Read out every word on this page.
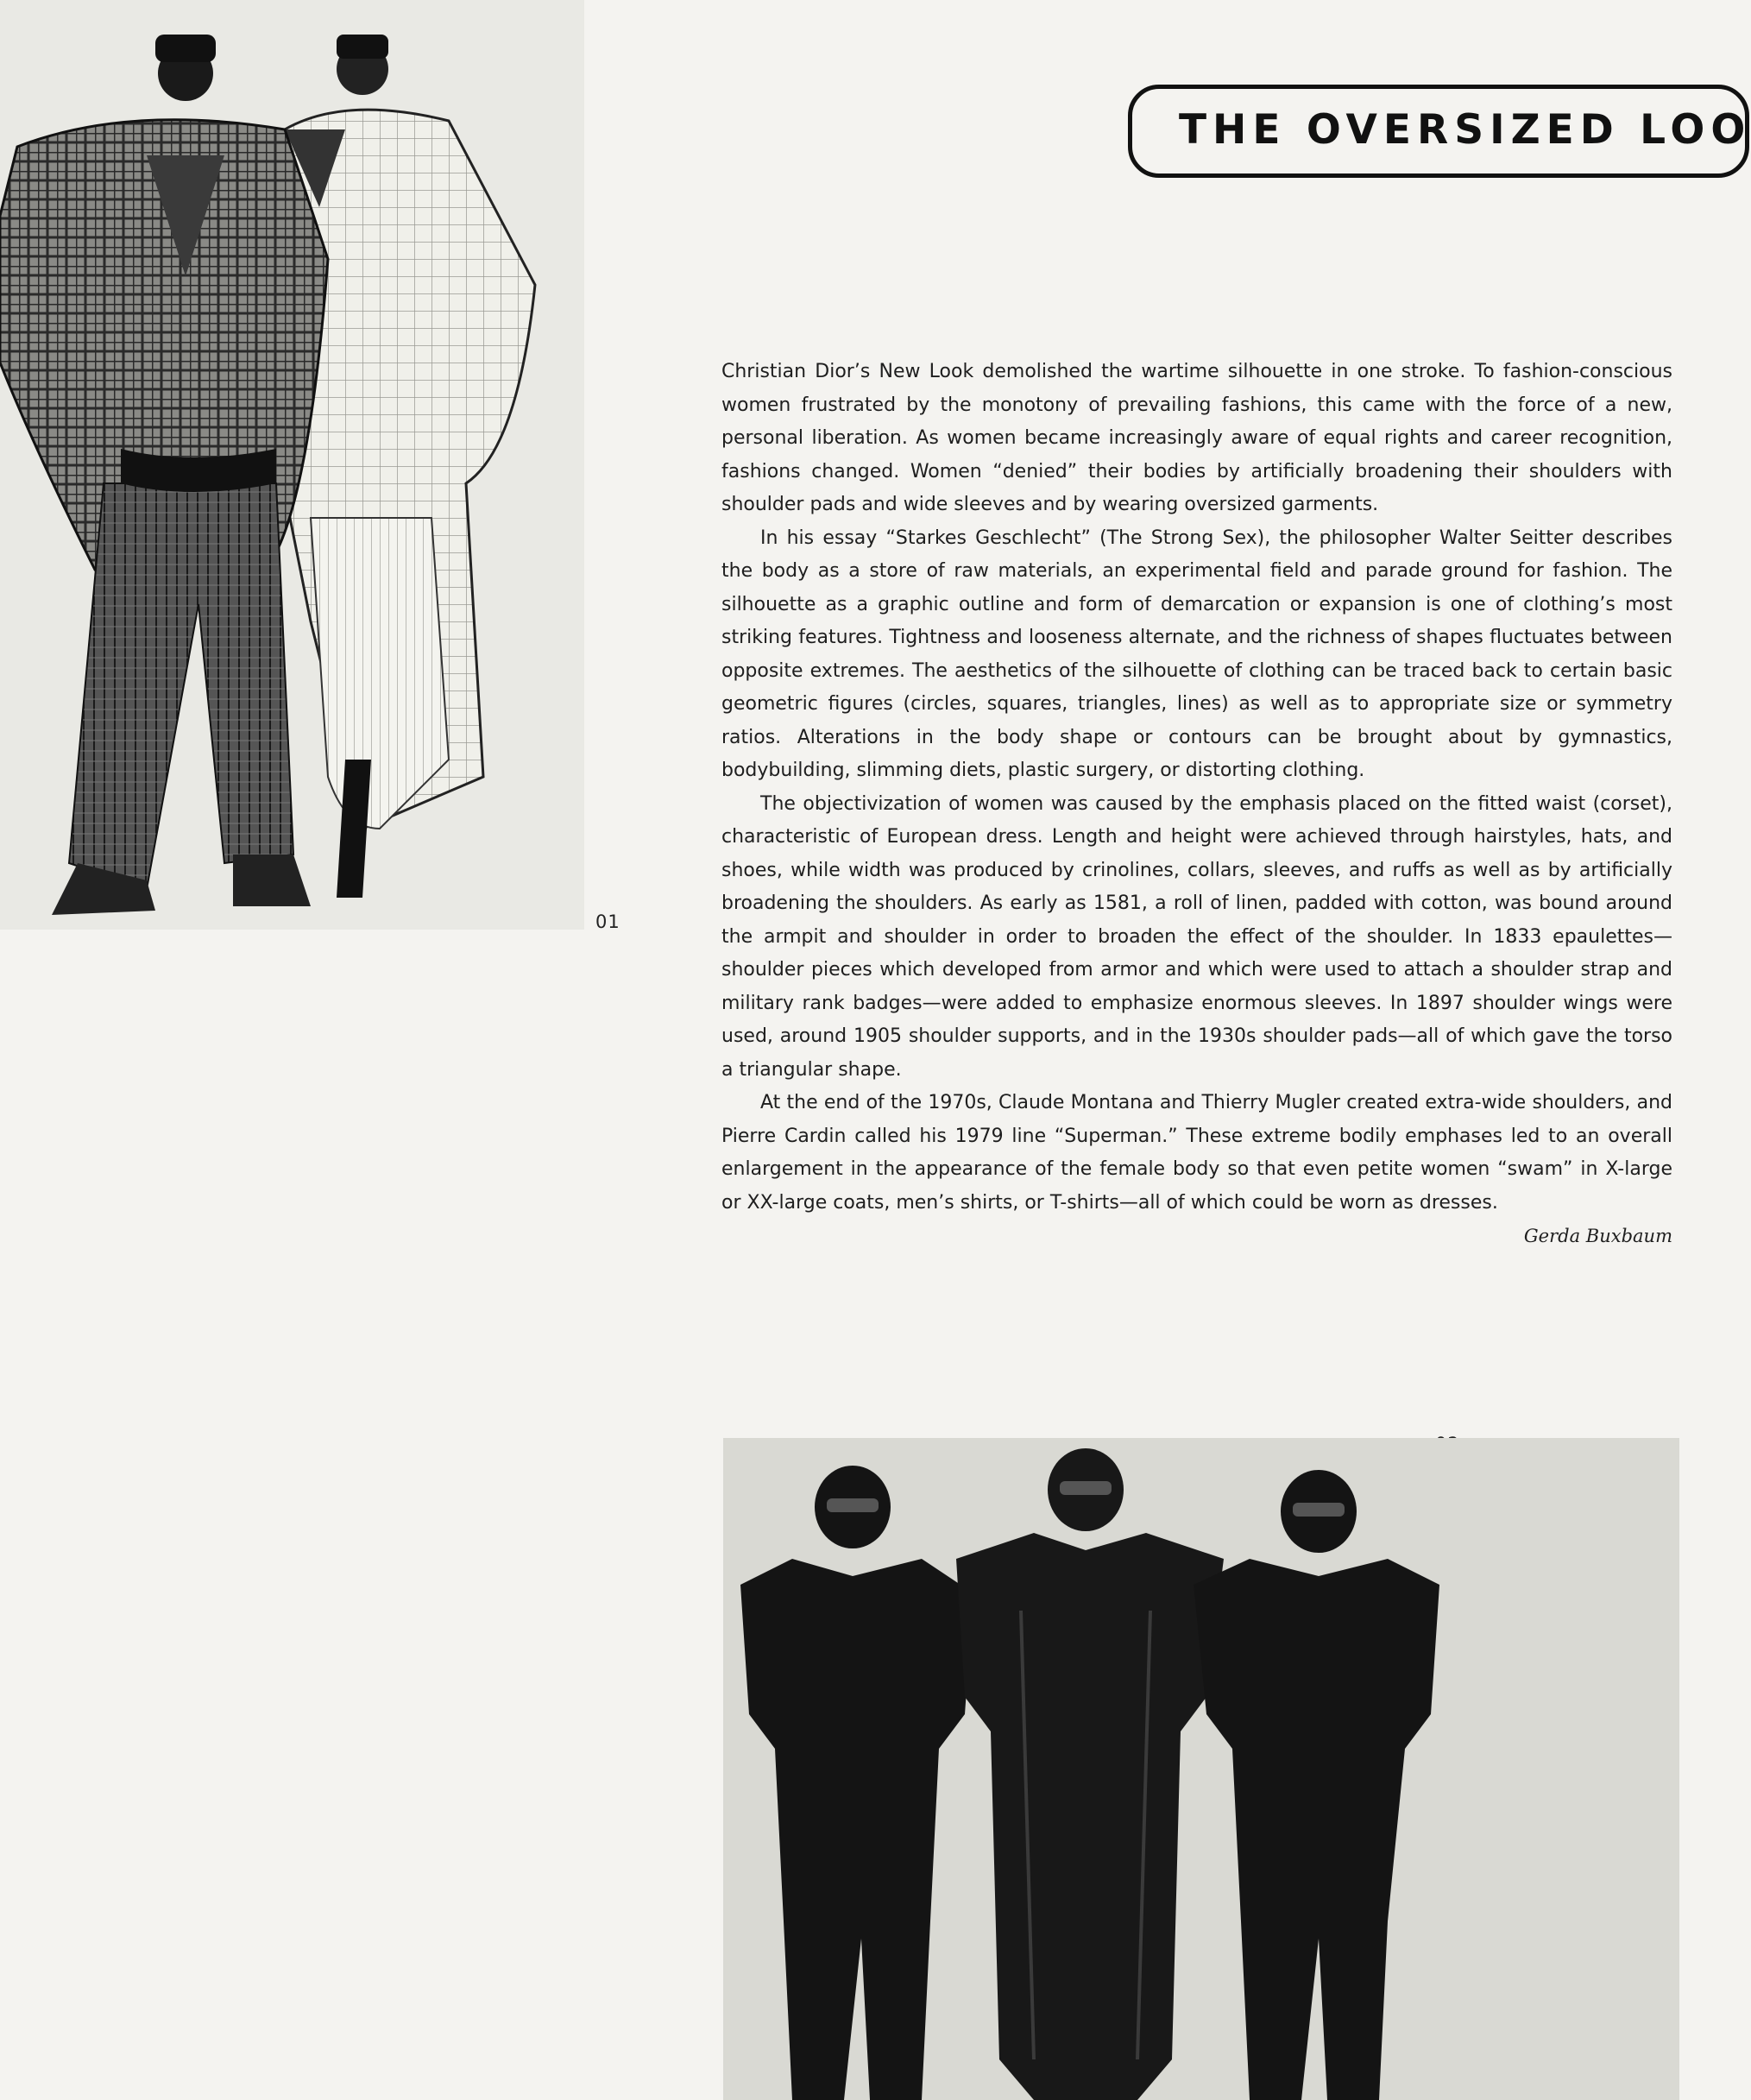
01
THE OVERSIZED LOO

Christian Dior’s New Look demolished the wartime silhouette in one stroke. To fashion-conscious women frustrated by the monotony of prevailing fashions, this came with the force of a new, personal liberation. As women became increasingly aware of equal rights and career recognition, fashions changed. Women “denied” their bodies by artificially broadening their shoulders with shoulder pads and wide sleeves and by wearing oversized garments.

In his essay “Starkes Geschlecht” (The Strong Sex), the philosopher Walter Seitter describes the body as a store of raw materials, an experimental field and parade ground for fashion. The silhouette as a graphic outline and form of demarcation or expansion is one of clothing’s most striking features. Tightness and looseness alternate, and the richness of shapes fluctuates between opposite extremes. The aesthetics of the silhouette of clothing can be traced back to certain basic geometric figures (circles, squares, triangles, lines) as well as to appropriate size or symmetry ratios. Alterations in the body shape or contours can be brought about by gymnastics, bodybuilding, slimming diets, plastic surgery, or distorting clothing.

The objectivization of women was caused by the emphasis placed on the fitted waist (corset), characteristic of European dress. Length and height were achieved through hairstyles, hats, and shoes, while width was produced by crinolines, collars, sleeves, and ruffs as well as by artificially broadening the shoulders. As early as 1581, a roll of linen, padded with cotton, was bound around the armpit and shoulder in order to broaden the effect of the shoulder. In 1833 epaulettes—shoulder pieces which developed from armor and which were used to attach a shoulder strap and military rank badges—were added to emphasize enormous sleeves. In 1897 shoulder wings were used, around 1905 shoulder supports, and in the 1930s shoulder pads—all of which gave the torso a triangular shape.

At the end of the 1970s, Claude Montana and Thierry Mugler created extra-wide shoulders, and Pierre Cardin called his 1979 line “Superman.” These extreme bodily emphases led to an overall enlargement in the appearance of the female body so that even petite women “swam” in X-large or XX-large coats, men’s shirts, or T-shirts—all of which could be worn as dresses.
Gerda Buxbaum
